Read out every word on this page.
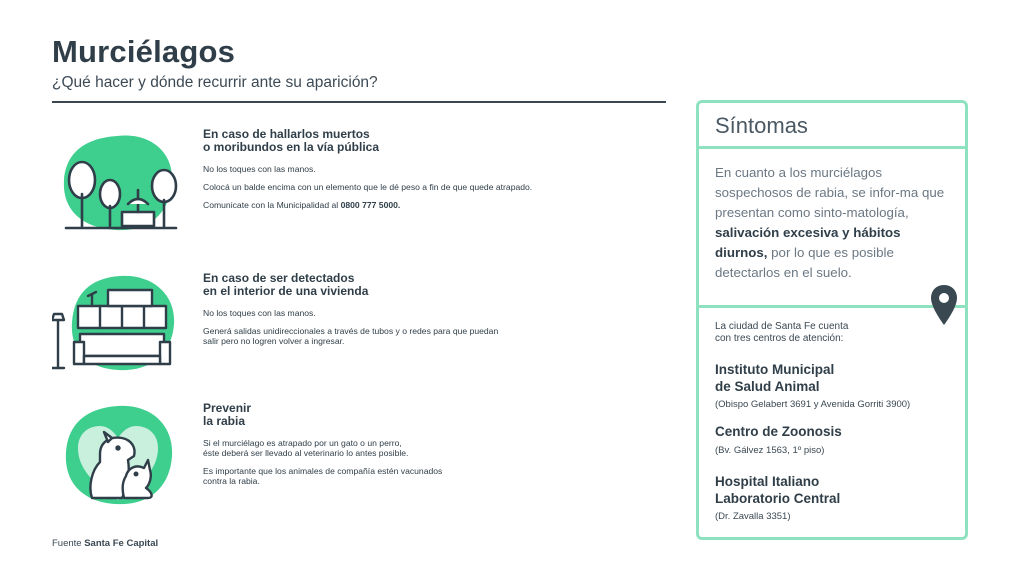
Murciélagos
¿Qué hacer y dónde recurrir ante su aparición?
En caso de hallarlos muertos
o moribundos en la vía pública
No los toques con las manos.
Colocá un balde encima con un elemento que le dé peso a fin de que quede atrapado.
Comunicate con la Municipalidad al 0800 777 5000.
En caso de ser detectados
en el interior de una vivienda
No los toques con las manos.
Generá salidas unidireccionales a través de tubos y o redes para que puedan
salir pero no logren volver a ingresar.
Prevenir
la rabia
Si el murciélago es atrapado por un gato o un perro,
éste deberá ser llevado al veterinario lo antes posible.
Es importante que los animales de compañía estén vacunados
contra la rabia.
Fuente Santa Fe Capital
Síntomas
En cuanto a los murciélagos sospechosos de rabia, se infor-ma que presentan como sinto-matología, salivación excesiva y hábitos diurnos, por lo que es posible detectarlos en el suelo.
La ciudad de Santa Fe cuenta
con tres centros de atención:
Instituto Municipal
de Salud Animal
(Obispo Gelabert 3691 y Avenida Gorriti 3900)
Centro de Zoonosis
(Bv. Gálvez 1563, 1º piso)
Hospital Italiano
Laboratorio Central
(Dr. Zavalla 3351)
